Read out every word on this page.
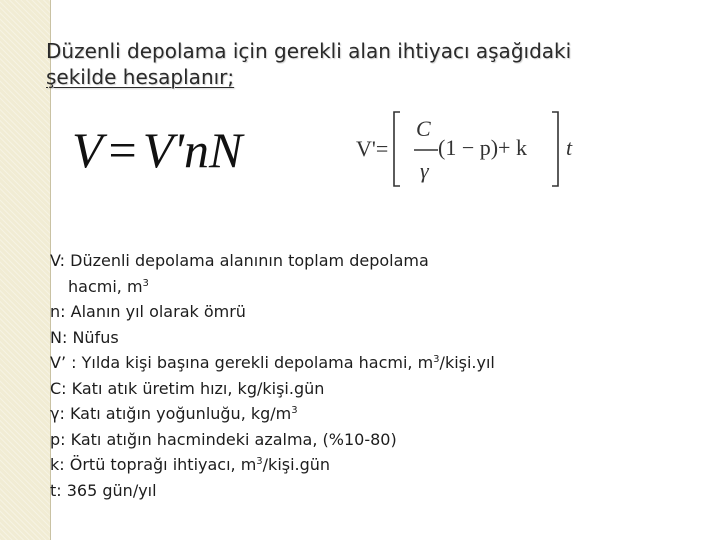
Düzenli depolama için gerekli alan ihtiyacı aşağıdaki
şekilde hesaplanır;
V = V'nN	V'=
C
γ
(1 − p)+ k t
V: Düzenli depolama alanının toplam depolama
hacmi, $m^3$
n: Alanın yıl olarak ömrü
N: Nüfus
V’ : Yılda kişi başına gerekli depolama hacmi, $m^3/kişi.yıl$
C: Katı atık üretim hızı, kg/kişi.gün
γ: Katı atığın yoğunluğu, $kg/m^3$
p: Katı atığın hacmindeki azalma, (%10-80)
k: Örtü toprağı ihtiyacı, $m^3/kişi.gün$
t: 365 gün/yıl
